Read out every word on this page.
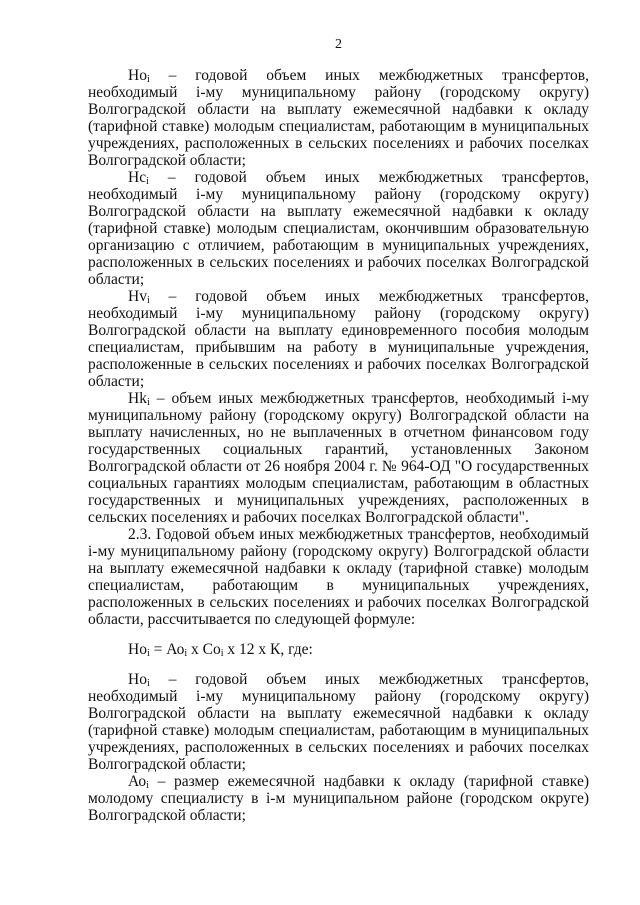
2

$Но_i$ – годовой объем иных межбюджетных трансфертов, необходимый i-му муниципальному району (городскому округу) Волгоградской области на выплату ежемесячной надбавки к окладу (тарифной ставке) молодым специалистам, работающим в муниципальных учреждениях, расположенных в сельских поселениях и рабочих поселках Волгоградской области;

$Нс_i$ – годовой объем иных межбюджетных трансфертов, необходимый i-му муниципальному району (городскому округу) Волгоградской области на выплату ежемесячной надбавки к окладу (тарифной ставке) молодым специалистам, окончившим образовательную организацию с отличием, работающим в муниципальных учреждениях, расположенных в сельских поселениях и рабочих поселках Волгоградской области;

$Нv_i$ – годовой объем иных межбюджетных трансфертов, необходимый i-му муниципальному району (городскому округу) Волгоградской области на выплату единовременного пособия молодым специалистам, прибывшим на работу в муниципальные учреждения, расположенные в сельских поселениях и рабочих поселках Волгоградской области;

$Нk_i$ – объем иных межбюджетных трансфертов, необходимый i-му муниципальному району (городскому округу) Волгоградской области на выплату начисленных, но не выплаченных в отчетном финансовом году государственных социальных гарантий, установленных Законом Волгоградской области от 26 ноября 2004 г. № 964-ОД "О государственных социальных гарантиях молодым специалистам, работающим в областных государственных и муниципальных учреждениях, расположенных в сельских поселениях и рабочих поселках Волгоградской области".

2.3. Годовой объем иных межбюджетных трансфертов, необходимый i-му муниципальному району (городскому округу) Волгоградской области на выплату ежемесячной надбавки к окладу (тарифной ставке) молодым специалистам, работающим в муниципальных учреждениях, расположенных в сельских поселениях и рабочих поселках Волгоградской области, рассчитывается по следующей формуле:

$Но_i = Ао_i$ x $Со_i$ x 12 x К, где:

$Но_i$ – годовой объем иных межбюджетных трансфертов, необходимый i-му муниципальному району (городскому округу) Волгоградской области на выплату ежемесячной надбавки к окладу (тарифной ставке) молодым специалистам, работающим в муниципальных учреждениях, расположенных в сельских поселениях и рабочих поселках Волгоградской области;

$Ао_i$ – размер ежемесячной надбавки к окладу (тарифной ставке) молодому специалисту в i-м муниципальном районе (городском округе) Волгоградской области;
